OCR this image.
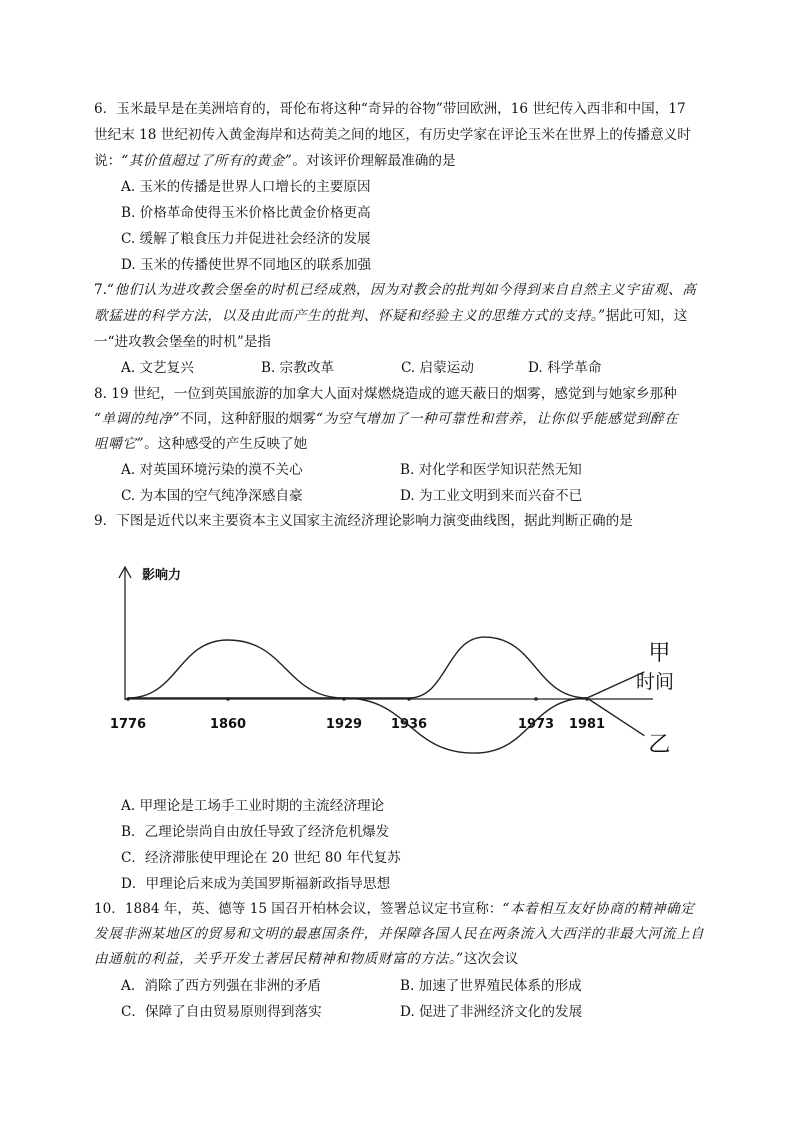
6．玉米最早是在美洲培育的，哥伦布将这种“奇异的谷物”带回欧洲，16 世纪传入西非和中国，17
世纪末 18 世纪初传入黄金海岸和达荷美之间的地区，有历史学家在评论玉米在世界上的传播意义时
说：“其价值超过了所有的黄金”。对该评价理解最准确的是
A. 玉米的传播是世界人口增长的主要原因
B. 价格革命使得玉米价格比黄金价格更高
C. 缓解了粮食压力并促进社会经济的发展
D. 玉米的传播使世界不同地区的联系加强
7.“他们认为进攻教会堡垒的时机已经成熟，因为对教会的批判如今得到来自自然主义宇宙观、高
歌猛进的科学方法，以及由此而产生的批判、怀疑和经验主义的思维方式的支持。”据此可知，这
一“进攻教会堡垒的时机”是指
A. 文艺复兴	B. 宗教改革	C. 启蒙运动	D. 科学革命
8. 19 世纪，一位到英国旅游的加拿大人面对煤燃烧造成的遮天蔽日的烟雾，感觉到与她家乡那种
“单调的纯净”不同，这种舒服的烟雾“为空气增加了一种可靠性和营养，让你似乎能感觉到醉在
咀嚼它”。这种感受的产生反映了她
A. 对英国环境污染的漠不关心	B. 对化学和医学知识茫然无知
C. 为本国的空气纯净深感自豪	D. 为工业文明到来而兴奋不已
9．下图是近代以来主要资本主义国家主流经济理论影响力演变曲线图，据此判断正确的是
影响力
时间
1776	1860	1929 1936	1973 1981
甲
乙
A. 甲理论是工场手工业时期的主流经济理论
B．乙理论崇尚自由放任导致了经济危机爆发
C．经济滞胀使甲理论在 20 世纪 80 年代复苏
D．甲理论后来成为美国罗斯福新政指导思想
10．1884 年，英、德等 15 国召开柏林会议，签署总议定书宣称：“本着相互友好协商的精神确定
发展非洲某地区的贸易和文明的最惠国条件，并保障各国人民在两条流入大西洋的非最大河流上自
由通航的利益，关乎开发土著居民精神和物质财富的方法。”这次会议
A．消除了西方列强在非洲的矛盾	B. 加速了世界殖民体系的形成
C．保障了自由贸易原则得到落实	D. 促进了非洲经济文化的发展
